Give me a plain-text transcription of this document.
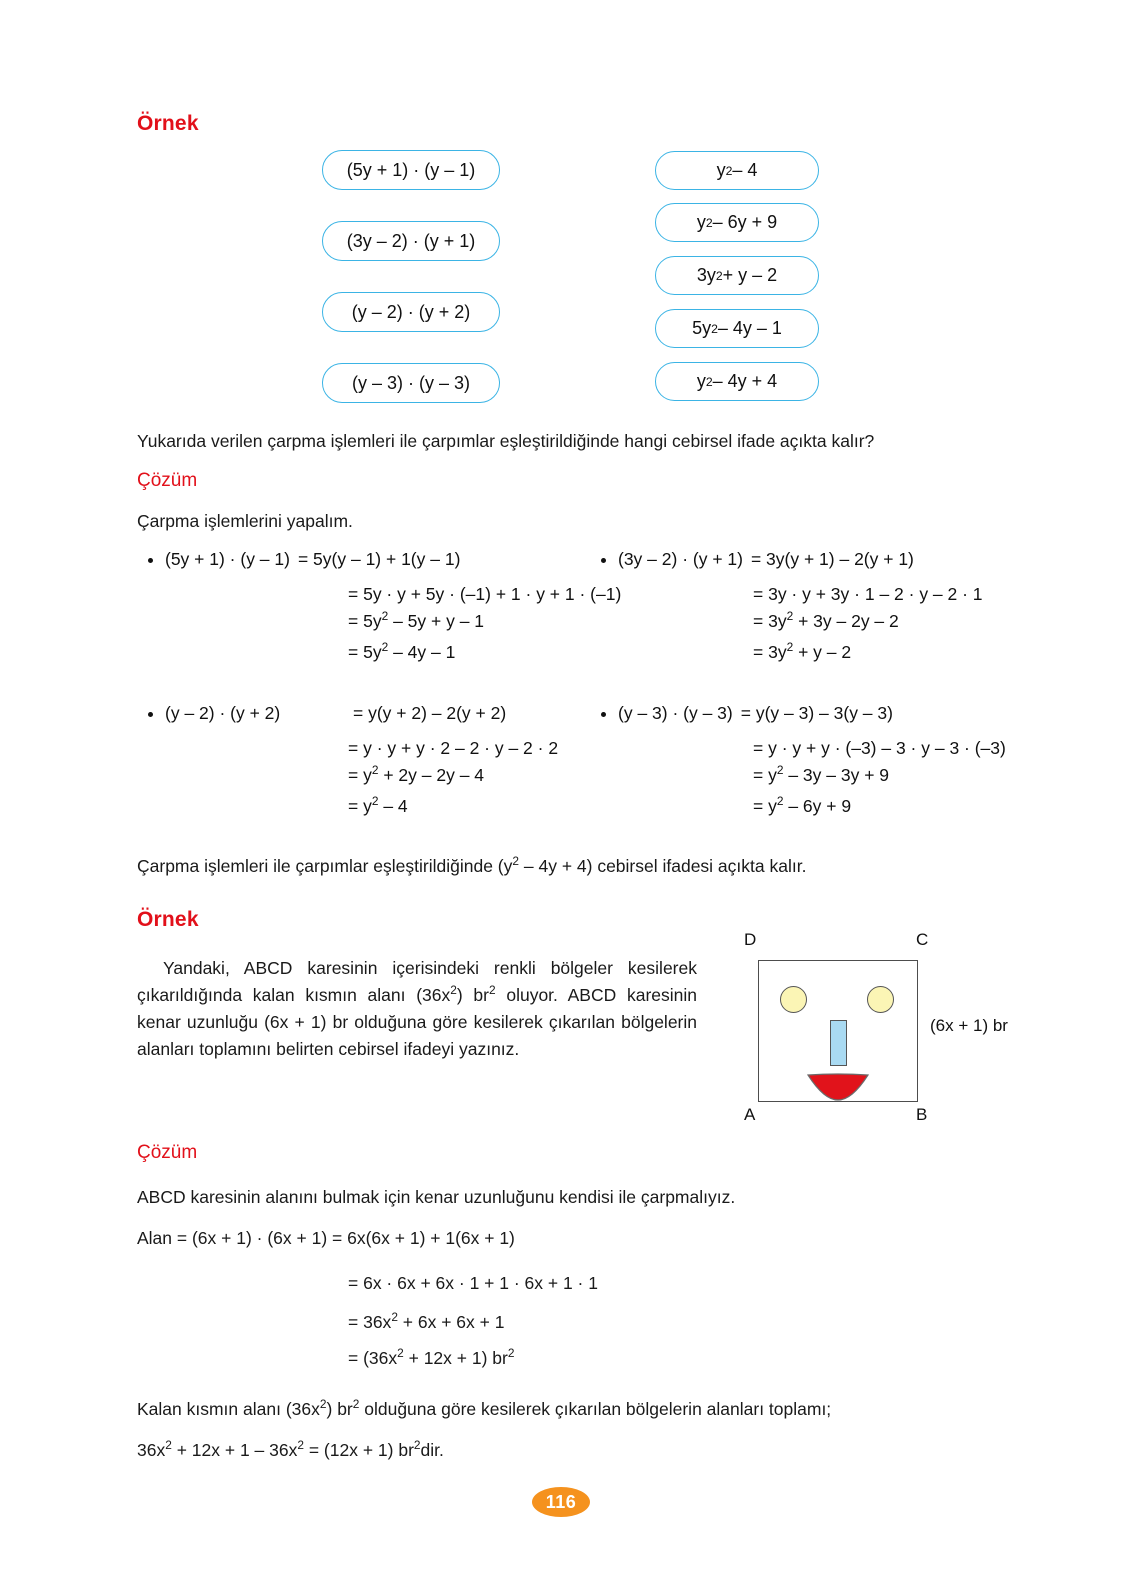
Örnek
(5y + 1) · (y – 1)
(3y – 2) · (y + 1)
(y – 2) · (y + 2)
(y – 3) · (y – 3)
y 2 – 4
y 2 – 6y + 9
3y 2 + y – 2
5y 2 – 4y – 1
y 2 – 4y + 4
Yukarıda verilen çarpma işlemleri ile çarpımlar eşleştirildiğinde hangi cebirsel ifade açıkta kalır?
Çözüm
Çarpma işlemlerini yapalım.
(5y + 1) · (y – 1) = 5y(y – 1) + 1(y – 1)
= 5y · y + 5y · (–1) + 1 · y + 1 · (–1)
= $5y^2 - 5y + y - 1$
= $5y^2 - 4y - 1$
(3y – 2) · (y + 1) = 3y(y + 1) – 2(y + 1)
= 3y · y + 3y · 1 – 2 · y – 2 · 1
= $3y^2 + 3y - 2y - 2$
= $3y^2 + y - 2$
(y – 2) · (y + 2)	= y(y + 2) – 2(y + 2)
= y · y + y · 2 – 2 · y – 2 · 2
= $y^2 + 2y - 2y - 4$
= $y^2 - 4$
(y – 3) · (y – 3) = y(y – 3) – 3(y – 3)
= y · y + y · (–3) – 3 · y – 3 · (–3)
= $y^2 - 3y - 3y + 9$
= $y^2 - 6y + 9$
Çarpma işlemleri ile çarpımlar eşleştirildiğinde $(y^2 - 4y + 4)$ cebirsel ifadesi açıkta kalır.
Örnek
Yandaki, ABCD karesinin içerisindeki renkli bölgeler kesilerek çıkarıldığında kalan kısmın alanı $(36x^2)$ $br^2$ oluyor. ABCD karesinin kenar uzunluğu (6x + 1) br olduğuna göre kesilerek çıkarılan bölgelerin alanları toplamını belirten cebirsel ifadeyi yazınız.
D	C
A	B
(6x + 1) br
Çözüm
ABCD karesinin alanını bulmak için kenar uzunluğunu kendisi ile çarpmalıyız.
Alan = (6x + 1) · (6x + 1) = 6x(6x + 1) + 1(6x + 1)
= 6x · 6x + 6x · 1 + 1 · 6x + 1 · 1
= $36x^2 + 6x + 6x + 1$
= $(36x^2 + 12x + 1)$ $br^2$
Kalan kısmın alanı $(36x^2)$ $br^2$ olduğuna göre kesilerek çıkarılan bölgelerin alanları toplamı;
$36x^2 + 12x + 1 - 36x^2 = (12x + 1)$ $br^2dir$.
116
